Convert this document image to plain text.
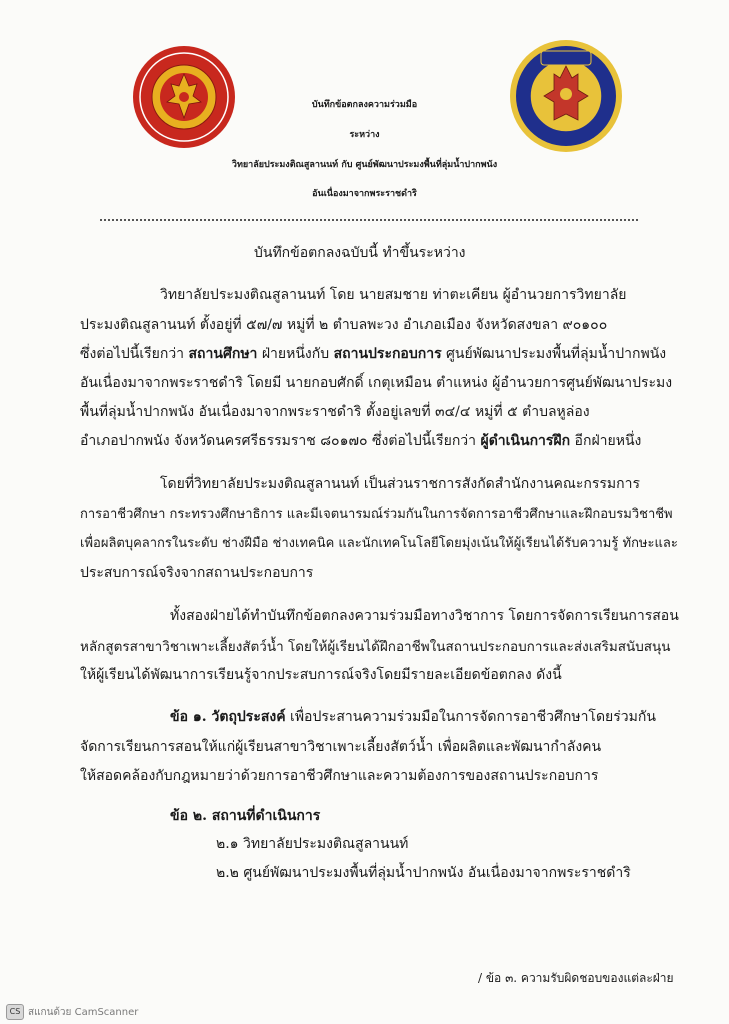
บันทึกข้อตกลงความร่วมมือ
ระหว่าง
วิทยาลัยประมงติณสูลานนท์ กับ ศูนย์พัฒนาประมงพื้นที่ลุ่มน้ำปากพนัง
อันเนื่องมาจากพระราชดำริ
บันทึกข้อตกลงฉบับนี้ ทำขึ้นระหว่าง
วิทยาลัยประมงติณสูลานนท์ โดย นายสมชาย ท่าตะเคียน ผู้อำนวยการวิทยาลัย
ประมงติณสูลานนท์ ตั้งอยู่ที่ ๕๗/๗ หมู่ที่ ๒ ตำบลพะวง อำเภอเมือง จังหวัดสงขลา ๙๐๑๐๐
ซึ่งต่อไปนี้เรียกว่า สถานศึกษา ฝ่ายหนึ่งกับ สถานประกอบการ ศูนย์พัฒนาประมงพื้นที่ลุ่มน้ำปากพนัง
อันเนื่องมาจากพระราชดำริ โดยมี นายกอบศักดิ์ เกตุเหมือน ตำแหน่ง ผู้อำนวยการศูนย์พัฒนาประมง
พื้นที่ลุ่มน้ำปากพนัง อันเนื่องมาจากพระราชดำริ ตั้งอยู่เลขที่ ๓๔/๔ หมู่ที่ ๕ ตำบลหูล่อง
อำเภอปากพนัง จังหวัดนครศรีธรรมราช ๘๐๑๗๐ ซึ่งต่อไปนี้เรียกว่า ผู้ดำเนินการฝึก อีกฝ่ายหนึ่ง
โดยที่วิทยาลัยประมงติณสูลานนท์ เป็นส่วนราชการสังกัดสำนักงานคณะกรรมการ
การอาชีวศึกษา กระทรวงศึกษาธิการ และมีเจตนารมณ์ร่วมกันในการจัดการอาชีวศึกษาและฝึกอบรมวิชาชีพ
เพื่อผลิตบุคลากรในระดับ ช่างฝีมือ ช่างเทคนิค และนักเทคโนโลยีโดยมุ่งเน้นให้ผู้เรียนได้รับความรู้ ทักษะและ
ประสบการณ์จริงจากสถานประกอบการ
ทั้งสองฝ่ายได้ทำบันทึกข้อตกลงความร่วมมือทางวิชาการ โดยการจัดการเรียนการสอน
หลักสูตรสาขาวิชาเพาะเลี้ยงสัตว์น้ำ โดยให้ผู้เรียนได้ฝึกอาชีพในสถานประกอบการและส่งเสริมสนับสนุน
ให้ผู้เรียนได้พัฒนาการเรียนรู้จากประสบการณ์จริงโดยมีรายละเอียดข้อตกลง ดังนี้
ข้อ ๑. วัตถุประสงค์ เพื่อประสานความร่วมมือในการจัดการอาชีวศึกษาโดยร่วมกัน
จัดการเรียนการสอนให้แก่ผู้เรียนสาขาวิชาเพาะเลี้ยงสัตว์น้ำ เพื่อผลิตและพัฒนากำลังคน
ให้สอดคล้องกับกฎหมายว่าด้วยการอาชีวศึกษาและความต้องการของสถานประกอบการ
ข้อ ๒. สถานที่ดำเนินการ
๒.๑ วิทยาลัยประมงติณสูลานนท์
๒.๒ ศูนย์พัฒนาประมงพื้นที่ลุ่มน้ำปากพนัง อันเนื่องมาจากพระราชดำริ
/ ข้อ ๓. ความรับผิดชอบของแต่ละฝ่าย
CS สแกนด้วย CamScanner
